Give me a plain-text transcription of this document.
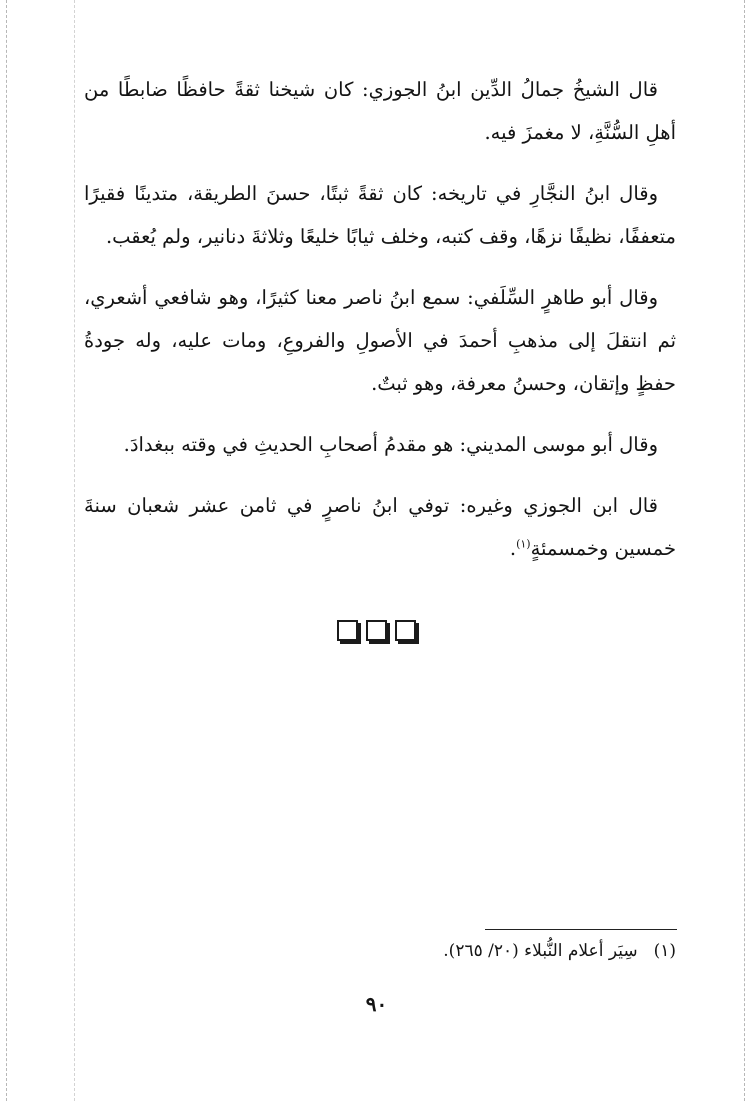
قال الشيخُ جمالُ الدِّين ابنُ الجوزي: كان شيخنا ثقةً حافظًا ضابطًا من أهلِ السُّنَّةِ، لا مغمزَ فيه.

وقال ابنُ النجَّارِ في تاريخه: كان ثقةً ثبتًا، حسنَ الطريقة، متدينًا فقيرًا متعففًا، نظيفًا نزهًا، وقف كتبه، وخلف ثيابًا خليعًا وثلاثةَ دنانير، ولم يُعقب.

وقال أبو طاهرٍ السِّلَفي: سمع ابنُ ناصر معنا كثيرًا، وهو شافعي أشعري، ثم انتقلَ إلى مذهبِ أحمدَ في الأصولِ والفروعِ، ومات عليه، وله جودةُ حفظٍ وإتقان، وحسنُ معرفة، وهو ثبتٌ.

وقال أبو موسى المديني: هو مقدمُ أصحابِ الحديثِ في وقته ببغدادَ.

قال ابن الجوزي وغيره: توفي ابنُ ناصرٍ في ثامن عشر شعبان سنةَ خمسين وخمسمئةٍ$^{(١)}$.

(١)سِيَر أعلام النُّبلاء (٢٠/ ٢٦٥).
٩٠
